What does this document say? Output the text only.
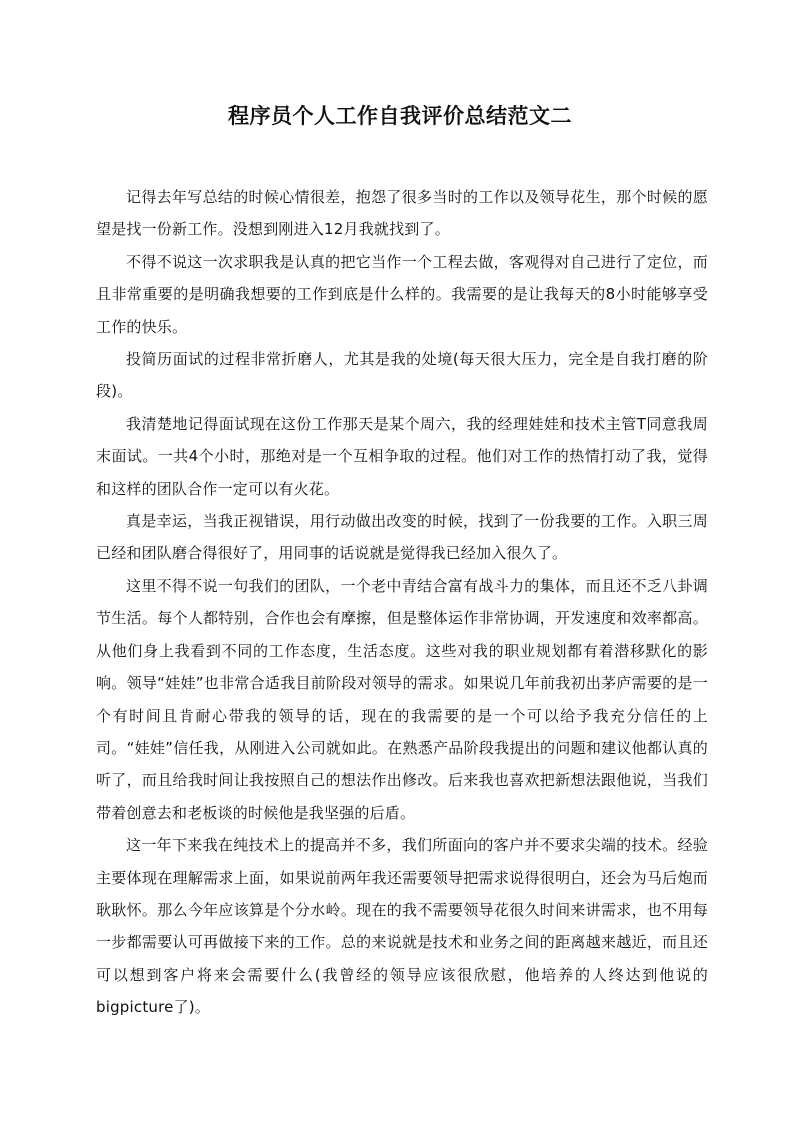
程序员个人工作自我评价总结范文二

记得去年写总结的时候心情很差，抱怨了很多当时的工作以及领导花生，那个时候的愿望是找一份新工作。没想到刚进入12月我就找到了。

不得不说这一次求职我是认真的把它当作一个工程去做，客观得对自己进行了定位，而且非常重要的是明确我想要的工作到底是什么样的。我需要的是让我每天的8小时能够享受工作的快乐。

投简历面试的过程非常折磨人，尤其是我的处境(每天很大压力，完全是自我打磨的阶段)。

我清楚地记得面试现在这份工作那天是某个周六，我的经理娃娃和技术主管T同意我周末面试。一共4个小时，那绝对是一个互相争取的过程。他们对工作的热情打动了我，觉得和这样的团队合作一定可以有火花。

真是幸运，当我正视错误，用行动做出改变的时候，找到了一份我要的工作。入职三周已经和团队磨合得很好了，用同事的话说就是觉得我已经加入很久了。

这里不得不说一句我们的团队，一个老中青结合富有战斗力的集体，而且还不乏八卦调节生活。每个人都特别，合作也会有摩擦，但是整体运作非常协调，开发速度和效率都高。从他们身上我看到不同的工作态度，生活态度。这些对我的职业规划都有着潜移默化的影响。领导“娃娃”也非常合适我目前阶段对领导的需求。如果说几年前我初出茅庐需要的是一个有时间且肯耐心带我的领导的话，现在的我需要的是一个可以给予我充分信任的上司。“娃娃”信任我，从刚进入公司就如此。在熟悉产品阶段我提出的问题和建议他都认真的听了，而且给我时间让我按照自己的想法作出修改。后来我也喜欢把新想法跟他说，当我们带着创意去和老板谈的时候他是我坚强的后盾。

这一年下来我在纯技术上的提高并不多，我们所面向的客户并不要求尖端的技术。经验主要体现在理解需求上面，如果说前两年我还需要领导把需求说得很明白，还会为马后炮而耿耿怀。那么今年应该算是个分水岭。现在的我不需要领导花很久时间来讲需求，也不用每一步都需要认可再做接下来的工作。总的来说就是技术和业务之间的距离越来越近，而且还可以想到客户将来会需要什么(我曾经的领导应该很欣慰，他培养的人终达到他说的bigpicture了)。
